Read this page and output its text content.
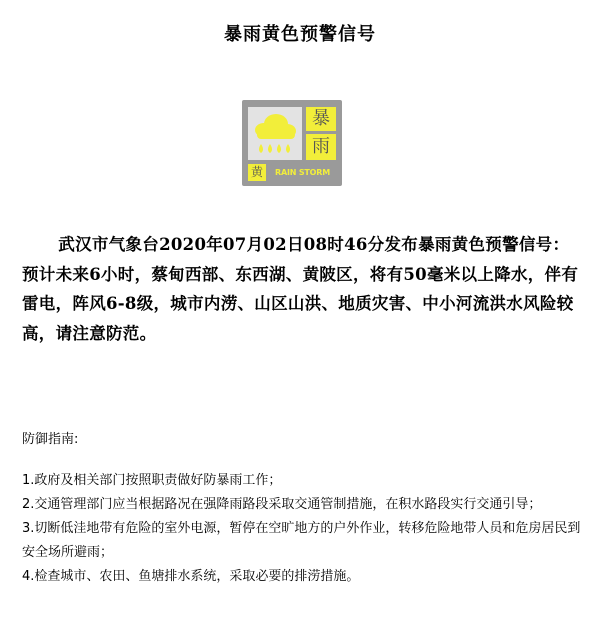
暴雨黄色预警信号
暴
雨
黄	RAIN STORM
武汉市气象台2020年07月02日08时46分发布暴雨黄色预警信号：预计未来6小时，蔡甸西部、东西湖、黄陂区，将有50毫米以上降水，伴有雷电，阵风6-8级，城市内涝、山区山洪、地质灾害、中小河流洪水风险较高，请注意防范。
防御指南:
1.政府及相关部门按照职责做好防暴雨工作；
2.交通管理部门应当根据路况在强降雨路段采取交通管制措施，在积水路段实行交通引导；
3.切断低洼地带有危险的室外电源，暂停在空旷地方的户外作业，转移危险地带人员和危房居民到安全场所避雨；
4.检查城市、农田、鱼塘排水系统，采取必要的排涝措施。
